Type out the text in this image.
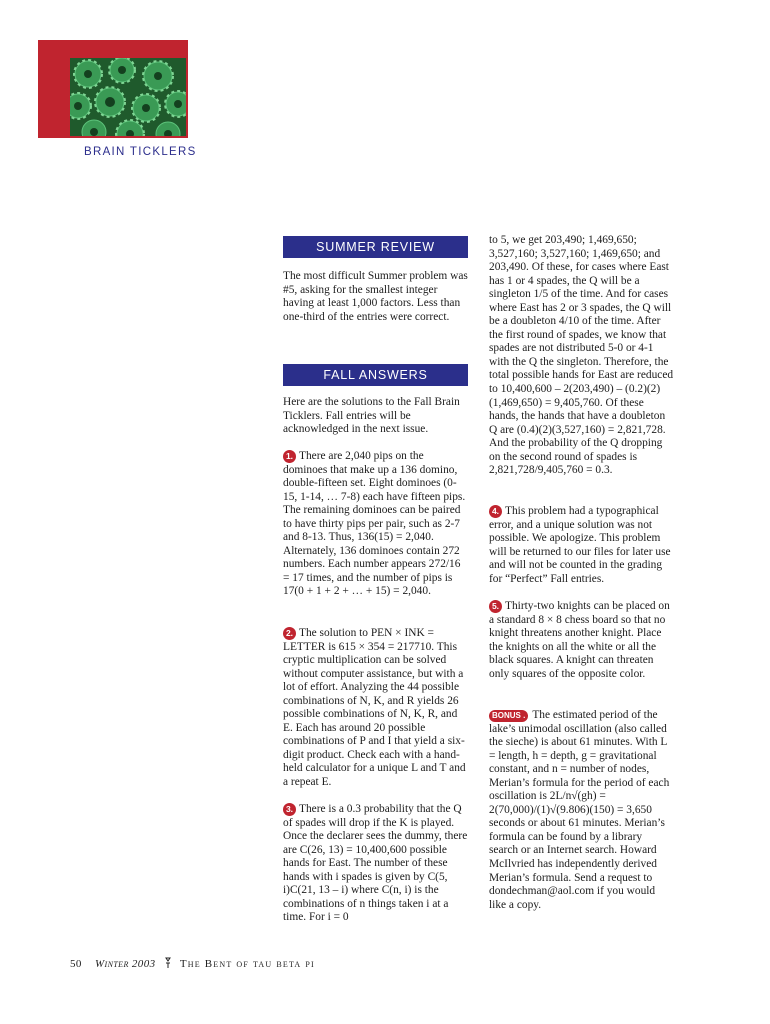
BRAIN TICKLERS
SUMMER REVIEW

The most difficult Summer problem was #5, asking for the smallest integer having at least 1,000 factors. Less than one-third of the entries were correct.

FALL ANSWERS

Here are the solutions to the Fall Brain Ticklers. Fall entries will be acknowledged in the next issue.

1. There are 2,040 pips on the dominoes that make up a 136 domino, double-fifteen set. Eight dominoes (0-15, 1-14, … 7-8) each have fifteen pips. The remaining dominoes can be paired to have thirty pips per pair, such as 2-7 and 8-13. Thus, 136(15) = 2,040. Alternately, 136 dominoes contain 272 numbers. Each number appears 272/16 = 17 times, and the number of pips is 17(0 + 1 + 2 + … + 15) = 2,040.

2. The solution to PEN × INK = LETTER is 615 × 354 = 217710. This cryptic multiplication can be solved without computer assistance, but with a lot of effort. Analyzing the 44 possible combinations of N, K, and R yields 26 possible combinations of N, K, R, and E. Each has around 20 possible combinations of P and I that yield a six-digit product. Check each with a hand-held calculator for a unique L and T and a repeat E.

3. There is a 0.3 probability that the Q of spades will drop if the K is played. Once the declarer sees the dummy, there are C(26, 13) = 10,400,600 possible hands for East. The number of these hands with i spades is given by C(5, i)C(21, 13 – i) where C(n, i) is the combinations of n things taken i at a time. For i = 0

to 5, we get 203,490; 1,469,650; 3,527,160; 3,527,160; 1,469,650; and 203,490. Of these, for cases where East has 1 or 4 spades, the Q will be a singleton 1/5 of the time. And for cases where East has 2 or 3 spades, the Q will be a doubleton 4/10 of the time. After the first round of spades, we know that spades are not distributed 5-0 or 4-1 with the Q the singleton. Therefore, the total possible hands for East are reduced to 10,400,600 – 2(203,490) – (0.2)(2)(1,469,650) = 9,405,760. Of these hands, the hands that have a doubleton Q are (0.4)(2)(3,527,160) = 2,821,728. And the probability of the Q dropping on the second round of spades is 2,821,728/9,405,760 = 0.3.

4. This problem had a typographical error, and a unique solution was not possible. We apologize. This problem will be returned to our files for later use and will not be counted in the grading for “Perfect” Fall entries.

5. Thirty-two knights can be placed on a standard 8 × 8 chess board so that no knight threatens another knight. Place the knights on all the white or all the black squares. A knight can threaten only squares of the opposite color.

BONUS . The estimated period of the lake’s unimodal oscillation (also called the sieche) is about 61 minutes. With L = length, h = depth, g = gravitational constant, and n = number of nodes, Merian’s formula for the period of each oscillation is 2L/n√(gh) = 2(70,000)/(1)√(9.806)(150) = 3,650 seconds or about 61 minutes. Merian’s formula can be found by a library search or an Internet search. Howard McIlvried has independently derived Merian’s formula. Send a request to dondechman@aol.com if you would like a copy.

50 Winter 2003 The Bent of tau beta pi
